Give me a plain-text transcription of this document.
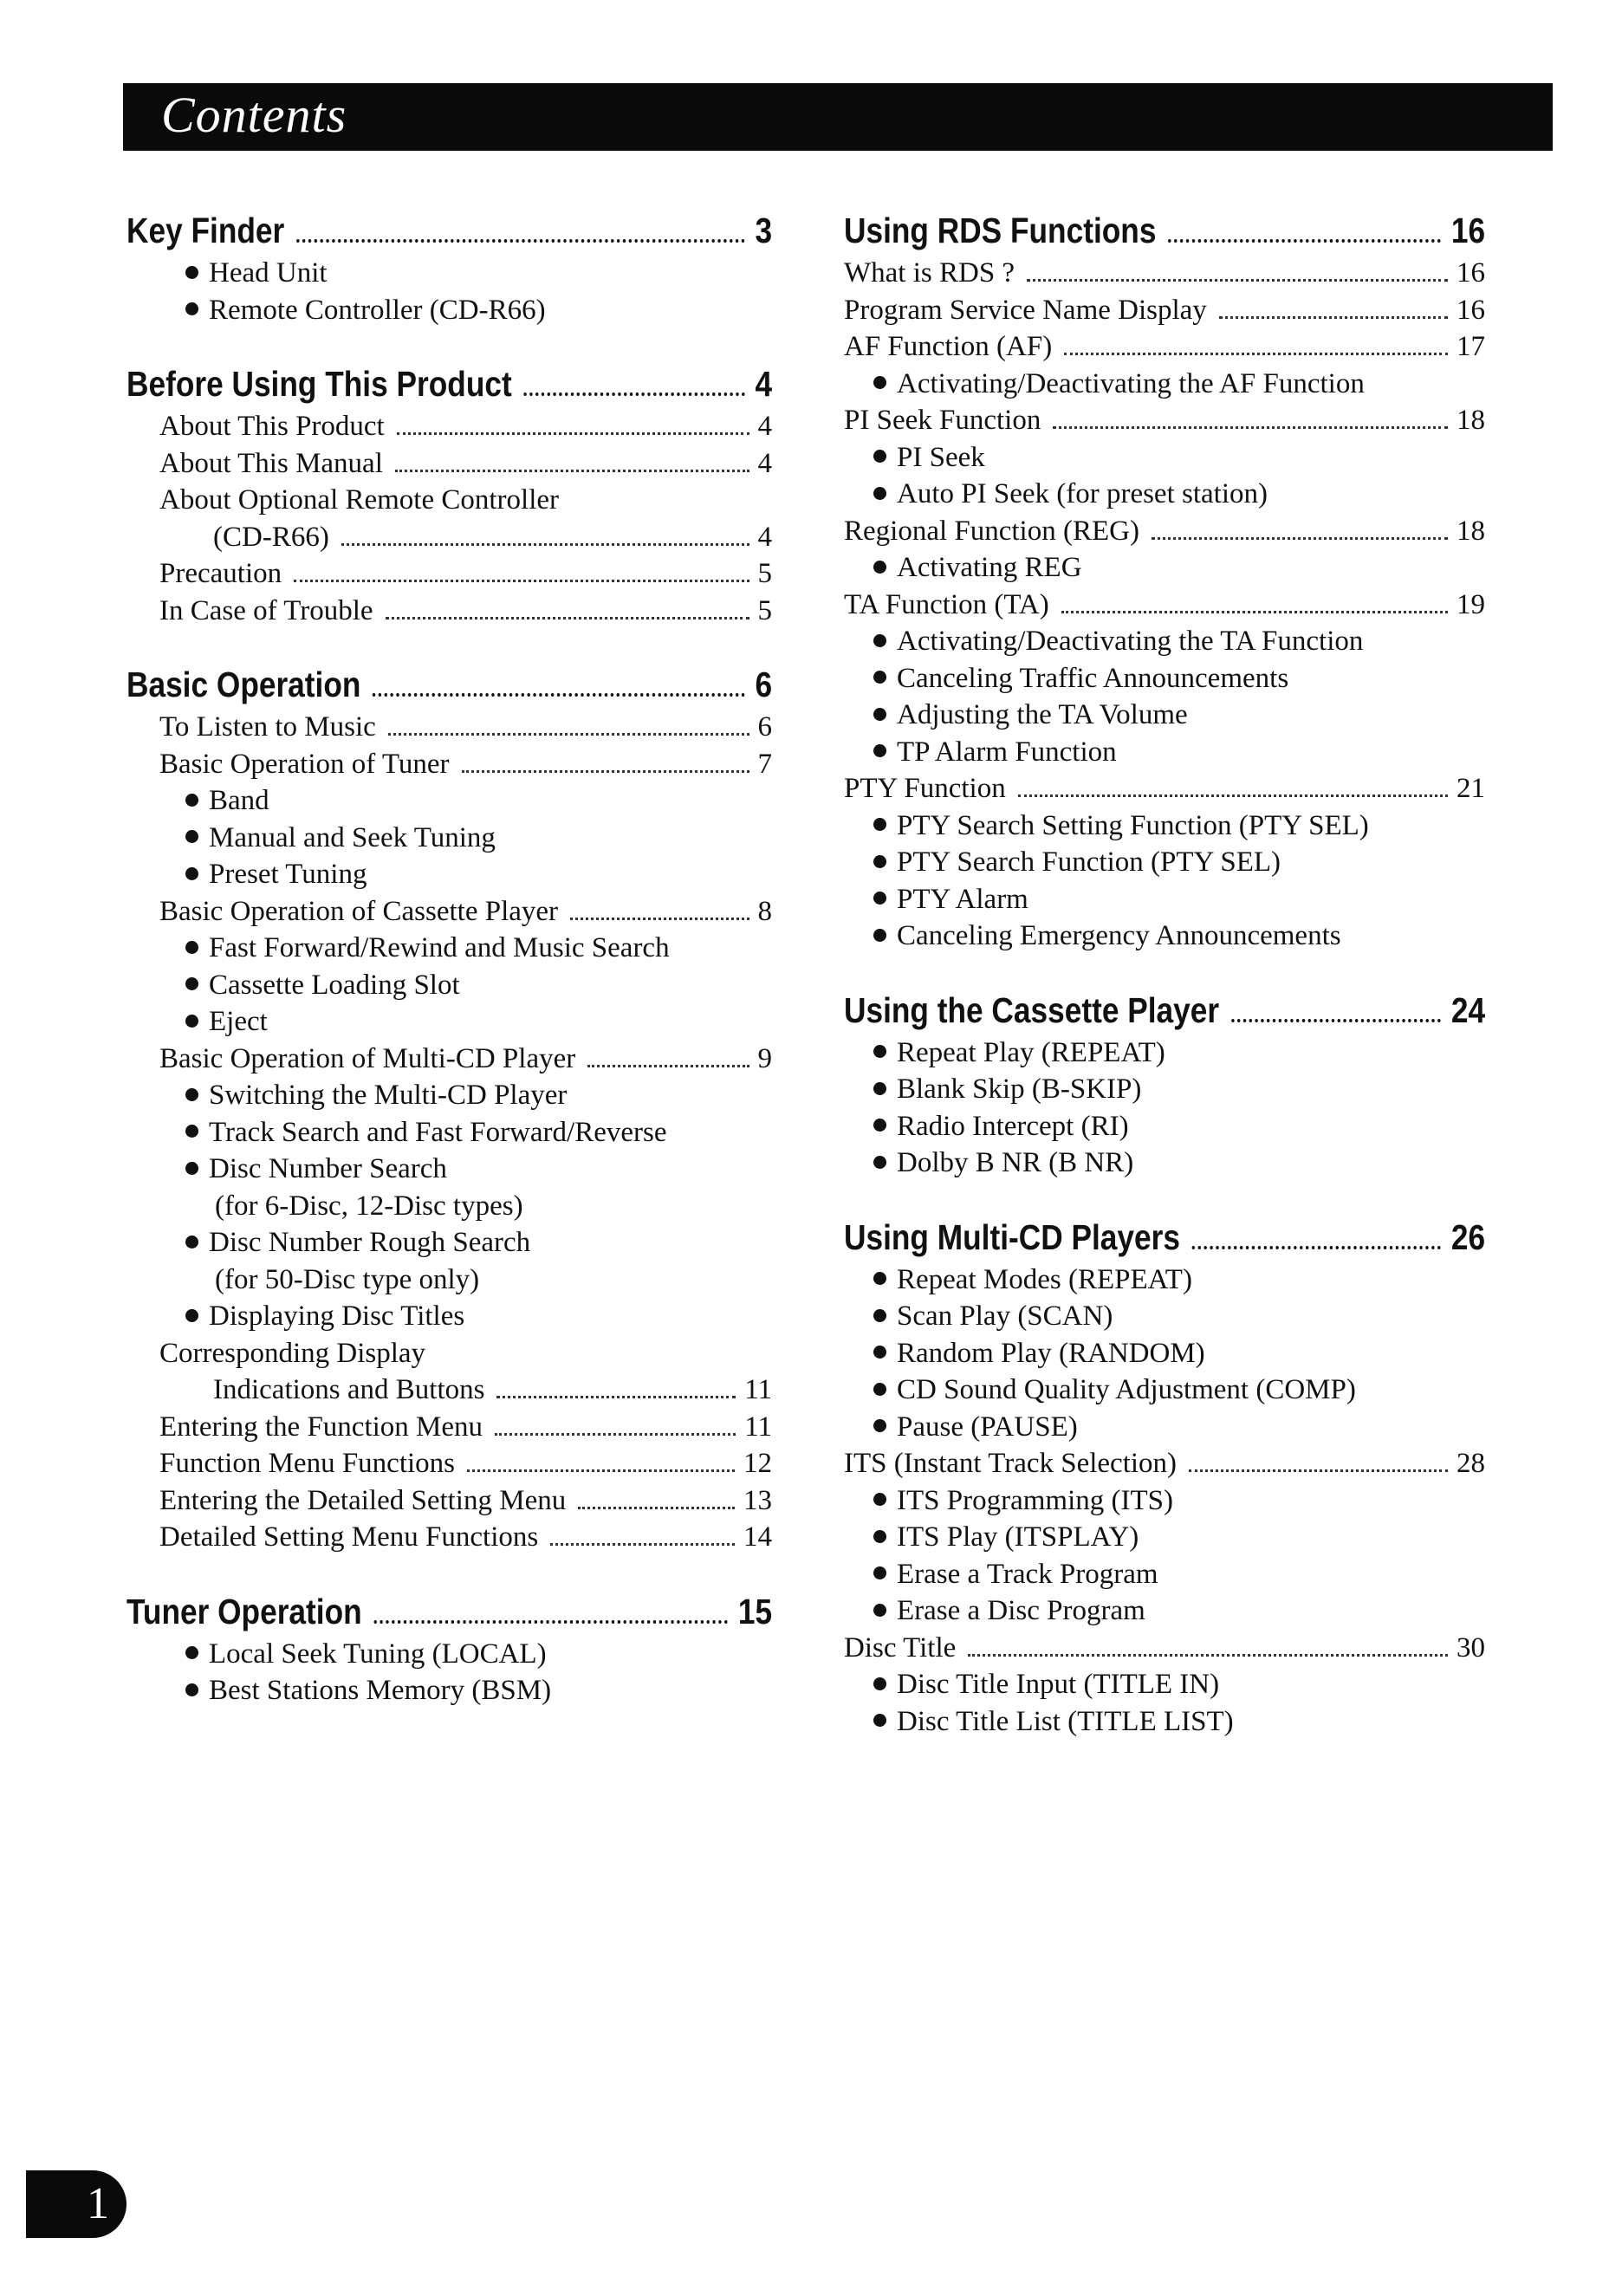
Contents
Key Finder	3
Head Unit
Remote Controller (CD-R66)
Before Using This Product	4
About This Product	4
About This Manual	4
About Optional Remote Controller
(CD-R66)	4
Precaution	5
In Case of Trouble	5
Basic Operation	6
To Listen to Music	6
Basic Operation of Tuner	7
Band
Manual and Seek Tuning
Preset Tuning
Basic Operation of Cassette Player	8
Fast Forward/Rewind and Music Search
Cassette Loading Slot
Eject
Basic Operation of Multi-CD Player	9
Switching the Multi-CD Player
Track Search and Fast Forward/Reverse
Disc Number Search
(for 6-Disc, 12-Disc types)
Disc Number Rough Search
(for 50-Disc type only)
Displaying Disc Titles
Corresponding Display
Indications and Buttons	11
Entering the Function Menu	11
Function Menu Functions	12
Entering the Detailed Setting Menu	13
Detailed Setting Menu Functions	14
Tuner Operation	15
Local Seek Tuning (LOCAL)
Best Stations Memory (BSM)
Using RDS Functions	16
What is RDS ?	16
Program Service Name Display	16
AF Function (AF)	17
Activating/Deactivating the AF Function
PI Seek Function	18
PI Seek
Auto PI Seek (for preset station)
Regional Function (REG)	18
Activating REG
TA Function (TA)	19
Activating/Deactivating the TA Function
Canceling Traffic Announcements
Adjusting the TA Volume
TP Alarm Function
PTY Function	21
PTY Search Setting Function (PTY SEL)
PTY Search Function (PTY SEL)
PTY Alarm
Canceling Emergency Announcements
Using the Cassette Player	24
Repeat Play (REPEAT)
Blank Skip (B-SKIP)
Radio Intercept (RI)
Dolby B NR (B NR)
Using Multi-CD Players	26
Repeat Modes (REPEAT)
Scan Play (SCAN)
Random Play (RANDOM)
CD Sound Quality Adjustment (COMP)
Pause (PAUSE)
ITS (Instant Track Selection)	28
ITS Programming (ITS)
ITS Play (ITSPLAY)
Erase a Track Program
Erase a Disc Program
Disc Title	30
Disc Title Input (TITLE IN)
Disc Title List (TITLE LIST)
1
